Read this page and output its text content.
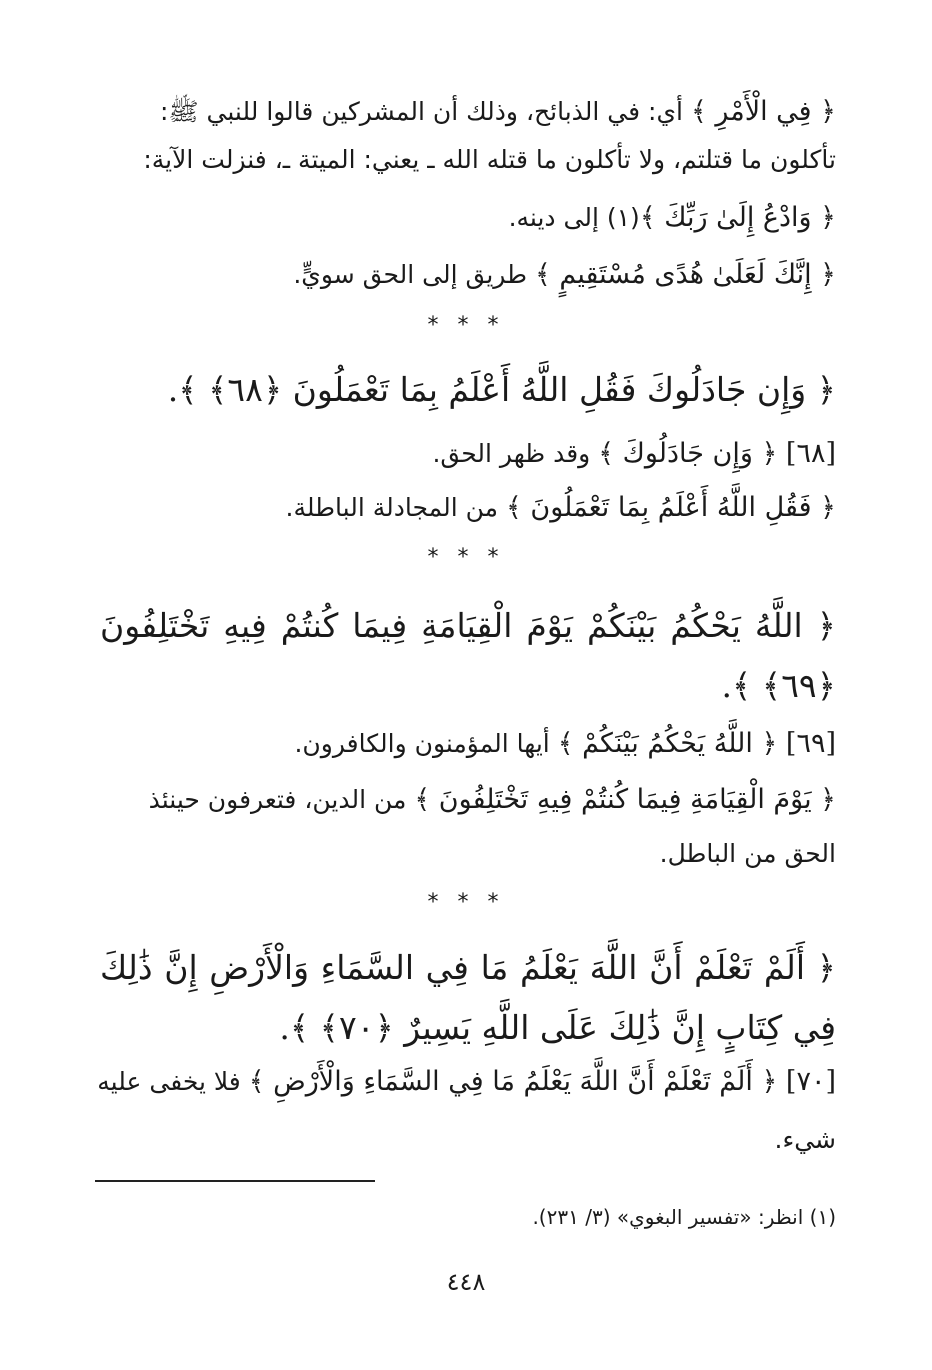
﴿ فِي الْأَمْرِ ﴾ أي: في الذبائح، وذلك أن المشركين قالوا للنبي ﷺ:
تأكلون ما قتلتم، ولا تأكلون ما قتله الله ـ يعني: الميتة ـ، فنزلت الآية:
﴿ وَادْعُ إِلَىٰ رَبِّكَ ﴾(١) إلى دينه.
﴿ إِنَّكَ لَعَلَىٰ هُدًى مُسْتَقِيمٍ ﴾ طريق إلى الحق سويٍّ.
* * *
﴿ وَإِن جَادَلُوكَ فَقُلِ اللَّهُ أَعْلَمُ بِمَا تَعْمَلُونَ ﴿٦٨﴾ ﴾.
[٦٨] ﴿ وَإِن جَادَلُوكَ ﴾ وقد ظهر الحق.
﴿ فَقُلِ اللَّهُ أَعْلَمُ بِمَا تَعْمَلُونَ ﴾ من المجادلة الباطلة.
* * *
﴿ اللَّهُ يَحْكُمُ بَيْنَكُمْ يَوْمَ الْقِيَامَةِ فِيمَا كُنتُمْ فِيهِ تَخْتَلِفُونَ ﴿٦٩﴾ ﴾.
[٦٩] ﴿ اللَّهُ يَحْكُمُ بَيْنَكُمْ ﴾ أيها المؤمنون والكافرون.
﴿ يَوْمَ الْقِيَامَةِ فِيمَا كُنتُمْ فِيهِ تَخْتَلِفُونَ ﴾ من الدين، فتعرفون حينئذ
الحق من الباطل.
* * *
﴿ أَلَمْ تَعْلَمْ أَنَّ اللَّهَ يَعْلَمُ مَا فِي السَّمَاءِ وَالْأَرْضِ إِنَّ ذَٰلِكَ فِي كِتَابٍ إِنَّ ذَٰلِكَ عَلَى اللَّهِ يَسِيرٌ ﴿٧٠﴾ ﴾.
[٧٠] ﴿ أَلَمْ تَعْلَمْ أَنَّ اللَّهَ يَعْلَمُ مَا فِي السَّمَاءِ وَالْأَرْضِ ﴾ فلا يخفى عليه
شيء.
(١) انظر: «تفسير البغوي» (٣/ ٢٣١).
٤٤٨
